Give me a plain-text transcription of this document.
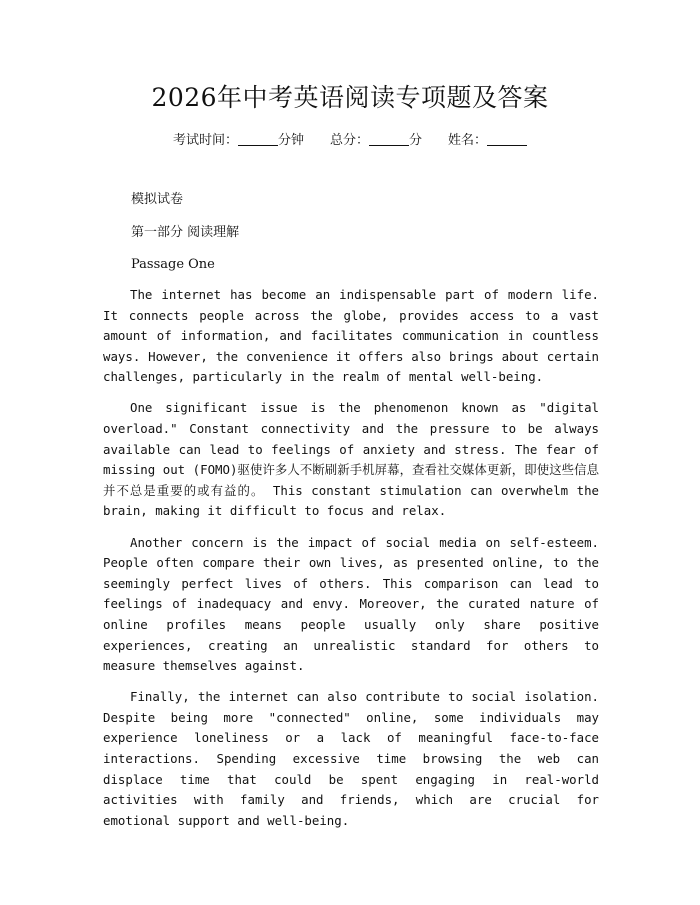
2026年中考英语阅读专项题及答案
考试时间：	分钟 总分：	分 姓名：
模拟试卷
第一部分 阅读理解
Passage One

The internet has become an indispensable part of modern life. It connects people across the globe, provides access to a vast amount of information, and facilitates communication in countless ways. However, the convenience it offers also brings about certain challenges, particularly in the realm of mental well-being.

One significant issue is the phenomenon known as "digital overload." Constant connectivity and the pressure to be always available can lead to feelings of anxiety and stress. The fear of missing out (FOMO)驱使许多人不断刷新手机屏幕，查看社交媒体更新，即使这些信息并不总是重要的或有益的。 This constant stimulation can overwhelm the brain, making it difficult to focus and relax.

Another concern is the impact of social media on self-esteem. People often compare their own lives, as presented online, to the seemingly perfect lives of others. This comparison can lead to feelings of inadequacy and envy. Moreover, the curated nature of online profiles means people usually only share positive experiences, creating an unrealistic standard for others to measure themselves against.

Finally, the internet can also contribute to social isolation. Despite being more "connected" online, some individuals may experience loneliness or a lack of meaningful face-to-face interactions. Spending excessive time browsing the web can displace time that could be spent engaging in real-world activities with family and friends, which are crucial for emotional support and well-being.
